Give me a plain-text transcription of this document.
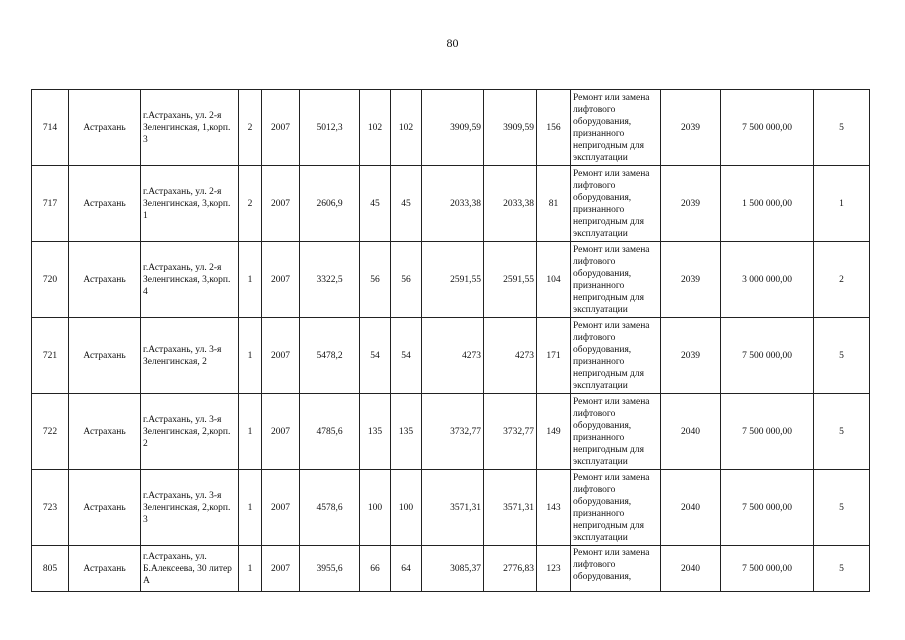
80
714	Астрахань	г.Астрахань, ул. 2-я Зеленгинская, 1,корп. 3	2	2007	5012,3	102	102	3909,59	3909,59	156	Ремонт или замена лифтового оборудования, признанного непригодным для эксплуатации	2039	7 500 000,00	5

717	Астрахань	г.Астрахань, ул. 2-я Зеленгинская, 3,корп. 1	2	2007	2606,9	45	45	2033,38	2033,38	81	Ремонт или замена лифтового оборудования, признанного непригодным для эксплуатации	2039	1 500 000,00	1

720	Астрахань	г.Астрахань, ул. 2-я Зеленгинская, 3,корп. 4	1	2007	3322,5	56	56	2591,55	2591,55	104	Ремонт или замена лифтового оборудования, признанного непригодным для эксплуатации	2039	3 000 000,00	2

721	Астрахань	г.Астрахань, ул. 3-я Зеленгинская, 2	1	2007	5478,2	54	54	4273	4273	171	Ремонт или замена лифтового оборудования, признанного непригодным для эксплуатации	2039	7 500 000,00	5

722	Астрахань	г.Астрахань, ул. 3-я Зеленгинская, 2,корп. 2	1	2007	4785,6	135	135	3732,77	3732,77	149	Ремонт или замена лифтового оборудования, признанного непригодным для эксплуатации	2040	7 500 000,00	5

723	Астрахань	г.Астрахань, ул. 3-я Зеленгинская, 2,корп. 3	1	2007	4578,6	100	100	3571,31	3571,31	143	Ремонт или замена лифтового оборудования, признанного непригодным для эксплуатации	2040	7 500 000,00	5

805	Астрахань	г.Астрахань, ул. Б.Алексеева, 30 литер А	1	2007	3955,6	66	64	3085,37	2776,83	123	Ремонт или замена лифтового оборудования,	2040	7 500 000,00	5
